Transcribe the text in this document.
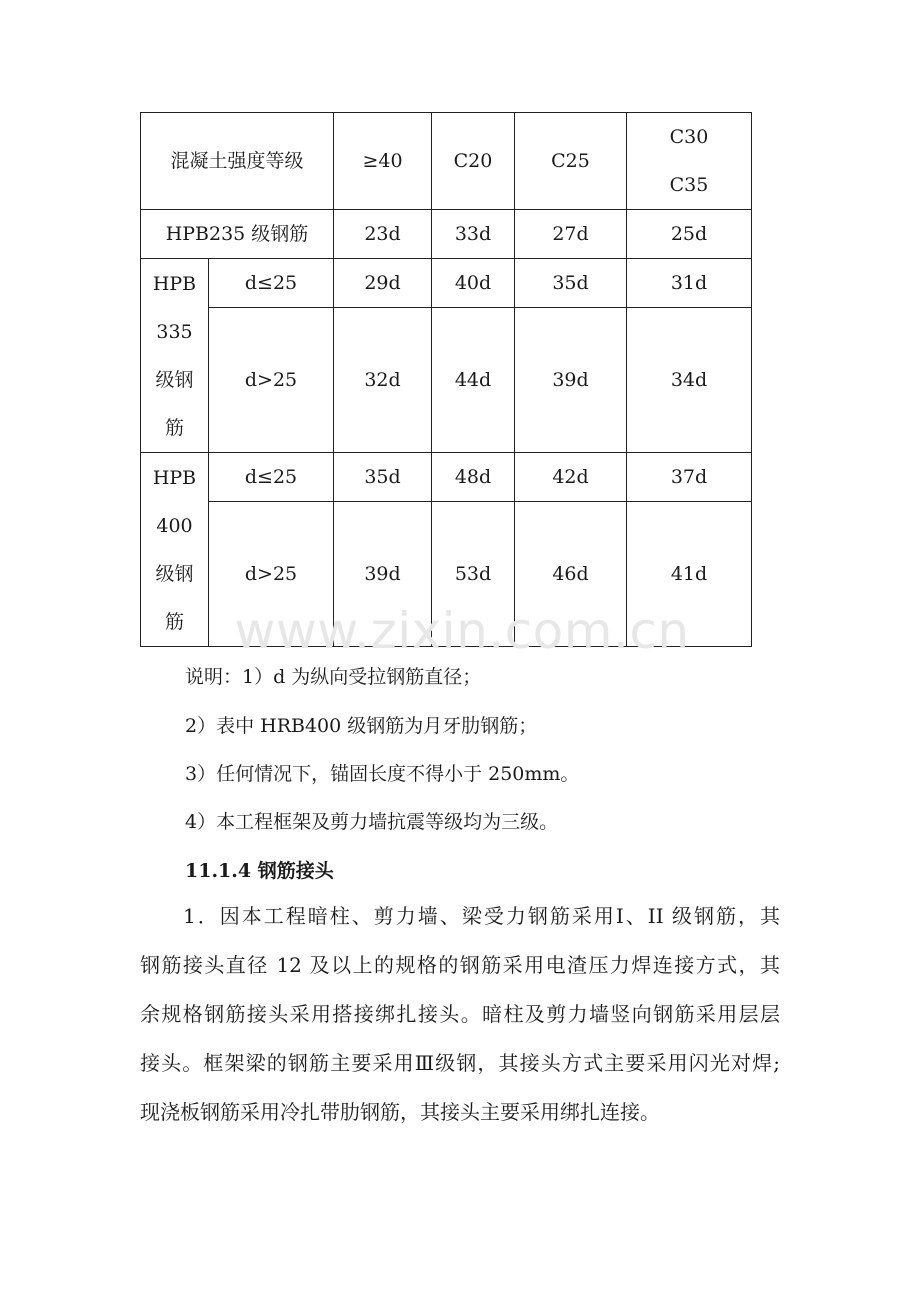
混凝土强度等级		≥40	C20	C25	C30
C35

HPB235 级钢筋		23d	33d	27d	25d

HPB
335
级钢
筋	d≤25	29d	40d	35d	31d
	d>25	32d	44d	39d	34d

HPB
400
级钢
筋	d≤25	35d	48d	42d	37d
	d>25	39d	53d	46d	41d
www.zixin.com.cn
说明：1）d 为纵向受拉钢筋直径；
2）表中 HRB400 级钢筋为月牙肋钢筋；
3）任何情况下，锚固长度不得小于 250mm。
4）本工程框架及剪力墙抗震等级均为三级。
11.1.4 钢筋接头
1．因本工程暗柱、剪力墙、梁受力钢筋采用Ⅰ、II 级钢筋，其
钢筋接头直径 12 及以上的规格的钢筋采用电渣压力焊连接方式，其
余规格钢筋接头采用搭接绑扎接头。暗柱及剪力墙竖向钢筋采用层层
接头。框架梁的钢筋主要采用Ⅲ级钢，其接头方式主要采用闪光对焊;
现浇板钢筋采用冷扎带肋钢筋，其接头主要采用绑扎连接。
